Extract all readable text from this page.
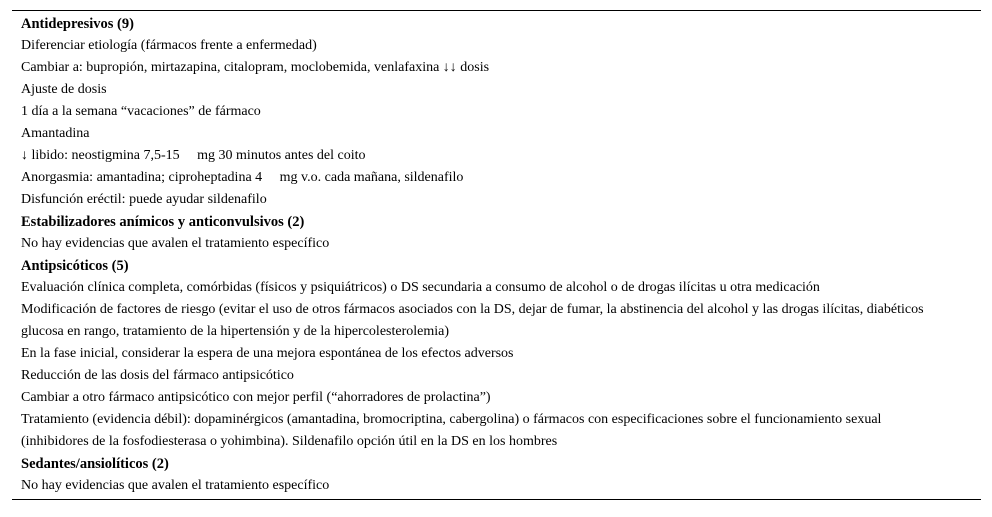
Antidepresivos (9)
Diferenciar etiología (fármacos frente a enfermedad)
Cambiar a: bupropión, mirtazapina, citalopram, moclobemida, venlafaxina ↓↓ dosis
Ajuste de dosis
1 día a la semana “vacaciones” de fármaco
Amantadina
↓ libido: neostigmina 7,5-15  mg 30 minutos antes del coito
Anorgasmia: amantadina; ciproheptadina 4  mg v.o. cada mañana, sildenafilo
Disfunción eréctil: puede ayudar sildenafilo
Estabilizadores anímicos y anticonvulsivos (2)
No hay evidencias que avalen el tratamiento específico
Antipsicóticos (5)
Evaluación clínica completa, comórbidas (físicos y psiquiátricos) o DS secundaria a consumo de alcohol o de drogas ilícitas u otra medicación
Modificación de factores de riesgo (evitar el uso de otros fármacos asociados con la DS, dejar de fumar, la abstinencia del alcohol y las drogas ilícitas, diabéticos glucosa en rango, tratamiento de la hipertensión y de la hipercolesterolemia)
En la fase inicial, considerar la espera de una mejora espontánea de los efectos adversos
Reducción de las dosis del fármaco antipsicótico
Cambiar a otro fármaco antipsicótico con mejor perfil (“ahorradores de prolactina”)
Tratamiento (evidencia débil): dopaminérgicos (amantadina, bromocriptina, cabergolina) o fármacos con especificaciones sobre el funcionamiento sexual (inhibidores de la fosfodiesterasa o yohimbina). Sildenafilo opción útil en la DS en los hombres
Sedantes/ansiolíticos (2)
No hay evidencias que avalen el tratamiento específico
